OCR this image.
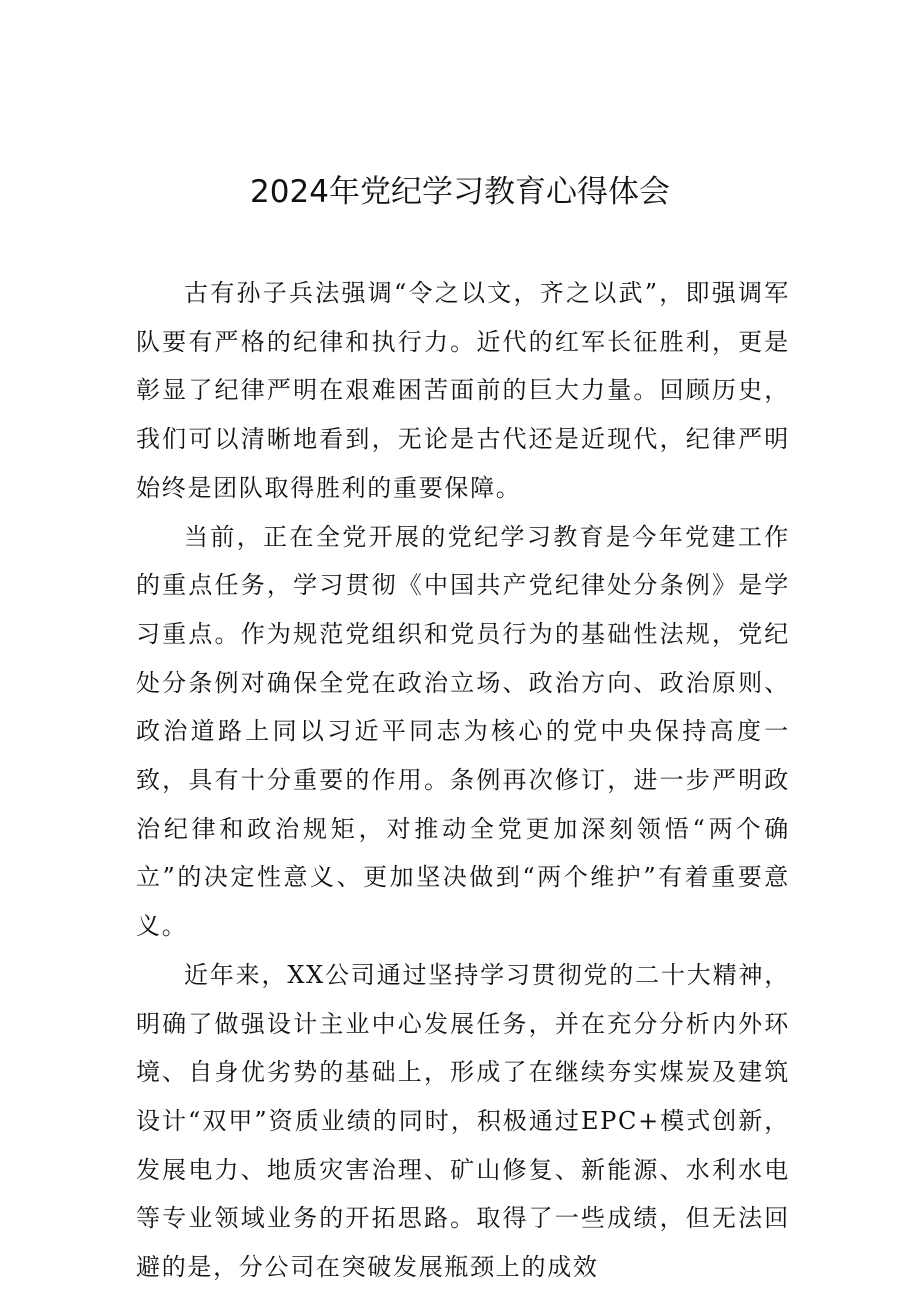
2024年党纪学习教育心得体会

古有孙子兵法强调“令之以文，齐之以武”，即强调军队要有严格的纪律和执行力。近代的红军长征胜利，更是彰显了纪律严明在艰难困苦面前的巨大力量。回顾历史，我们可以清晰地看到，无论是古代还是近现代，纪律严明始终是团队取得胜利的重要保障。

当前，正在全党开展的党纪学习教育是今年党建工作的重点任务，学习贯彻《中国共产党纪律处分条例》是学习重点。作为规范党组织和党员行为的基础性法规，党纪处分条例对确保全党在政治立场、政治方向、政治原则、政治道路上同以习近平同志为核心的党中央保持高度一致，具有十分重要的作用。条例再次修订，进一步严明政治纪律和政治规矩，对推动全党更加深刻领悟“两个确立”的决定性意义、更加坚决做到“两个维护”有着重要意义。

近年来，XX公司通过坚持学习贯彻党的二十大精神，明确了做强设计主业中心发展任务，并在充分分析内外环境、自身优劣势的基础上，形成了在继续夯实煤炭及建筑设计“双甲”资质业绩的同时，积极通过EPC+模式创新，发展电力、地质灾害治理、矿山修复、新能源、水利水电等专业领域业务的开拓思路。取得了一些成绩，但无法回避的是，分公司在突破发展瓶颈上的成效
